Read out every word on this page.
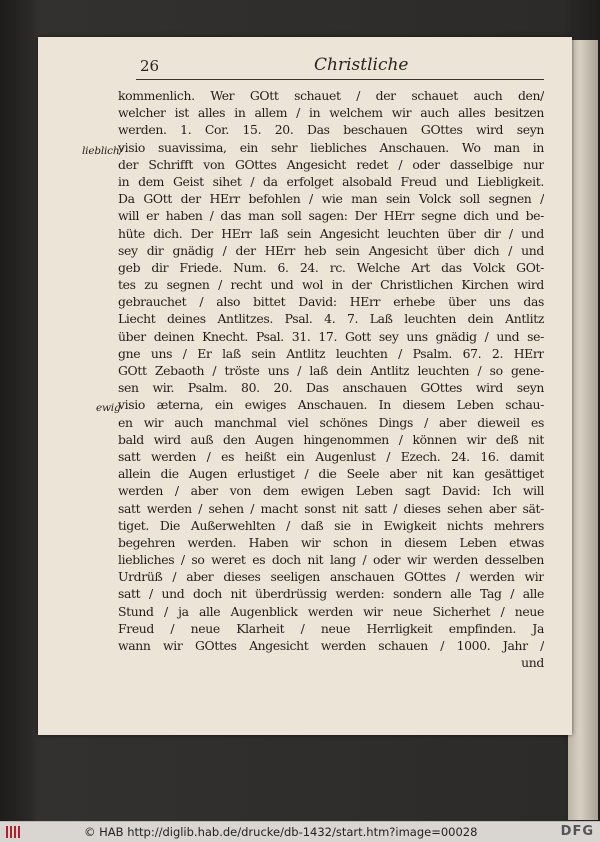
26	Christliche
lieblich/
ewig
kommenlich. Wer GOtt schauet / der schauet auch den/
welcher ist alles in allem / in welchem wir auch alles besitzen
werden. 1. Cor. 15. 20. Das beschauen GOttes wird seyn
visio suavissima, ein sehr liebliches Anschauen. Wo man in
der Schrifft von GOttes Angesicht redet / oder dasselbige nur
in dem Geist sihet / da erfolget alsobald Freud und Liebligkeit.
Da GOtt der HErr befohlen / wie man sein Volck soll segnen /
will er haben / das man soll sagen: Der HErr segne dich und be-
hüte dich. Der HErr laß sein Angesicht leuchten über dir / und
sey dir gnädig / der HErr heb sein Angesicht über dich / und
geb dir Friede. Num. 6. 24. rc. Welche Art das Volck GOt-
tes zu segnen / recht und wol in der Christlichen Kirchen wird
gebrauchet / also bittet David: HErr erhebe über uns das
Liecht deines Antlitzes. Psal. 4. 7. Laß leuchten dein Antlitz
über deinen Knecht. Psal. 31. 17. Gott sey uns gnädig / und se-
gne uns / Er laß sein Antlitz leuchten / Psalm. 67. 2. HErr
GOtt Zebaoth / tröste uns / laß dein Antlitz leuchten / so gene-
sen wir. Psalm. 80. 20. Das anschauen GOttes wird seyn
visio æterna, ein ewiges Anschauen. In diesem Leben schau-
en wir auch manchmal viel schönes Dings / aber dieweil es
bald wird auß den Augen hingenommen / können wir deß nit
satt werden / es heißt ein Augenlust / Ezech. 24. 16. damit
allein die Augen erlustiget / die Seele aber nit kan gesättiget
werden / aber von dem ewigen Leben sagt David: Ich will
satt werden / sehen / macht sonst nit satt / dieses sehen aber sät-
tiget. Die Außerwehlten / daß sie in Ewigkeit nichts mehrers
begehren werden. Haben wir schon in diesem Leben etwas
liebliches / so weret es doch nit lang / oder wir werden desselben
Urdrüß / aber dieses seeligen anschauen GOttes / werden wir
satt / und doch nit überdrüssig werden: sondern alle Tag / alle
Stund / ja alle Augenblick werden wir neue Sicherhet / neue
Freud / neue Klarheit / neue Herrligkeit empfinden. Ja
wann wir GOttes Angesicht werden schauen / 1000. Jahr /
und
© HAB http://diglib.hab.de/drucke/db-1432/start.htm?image=00028	DFG
